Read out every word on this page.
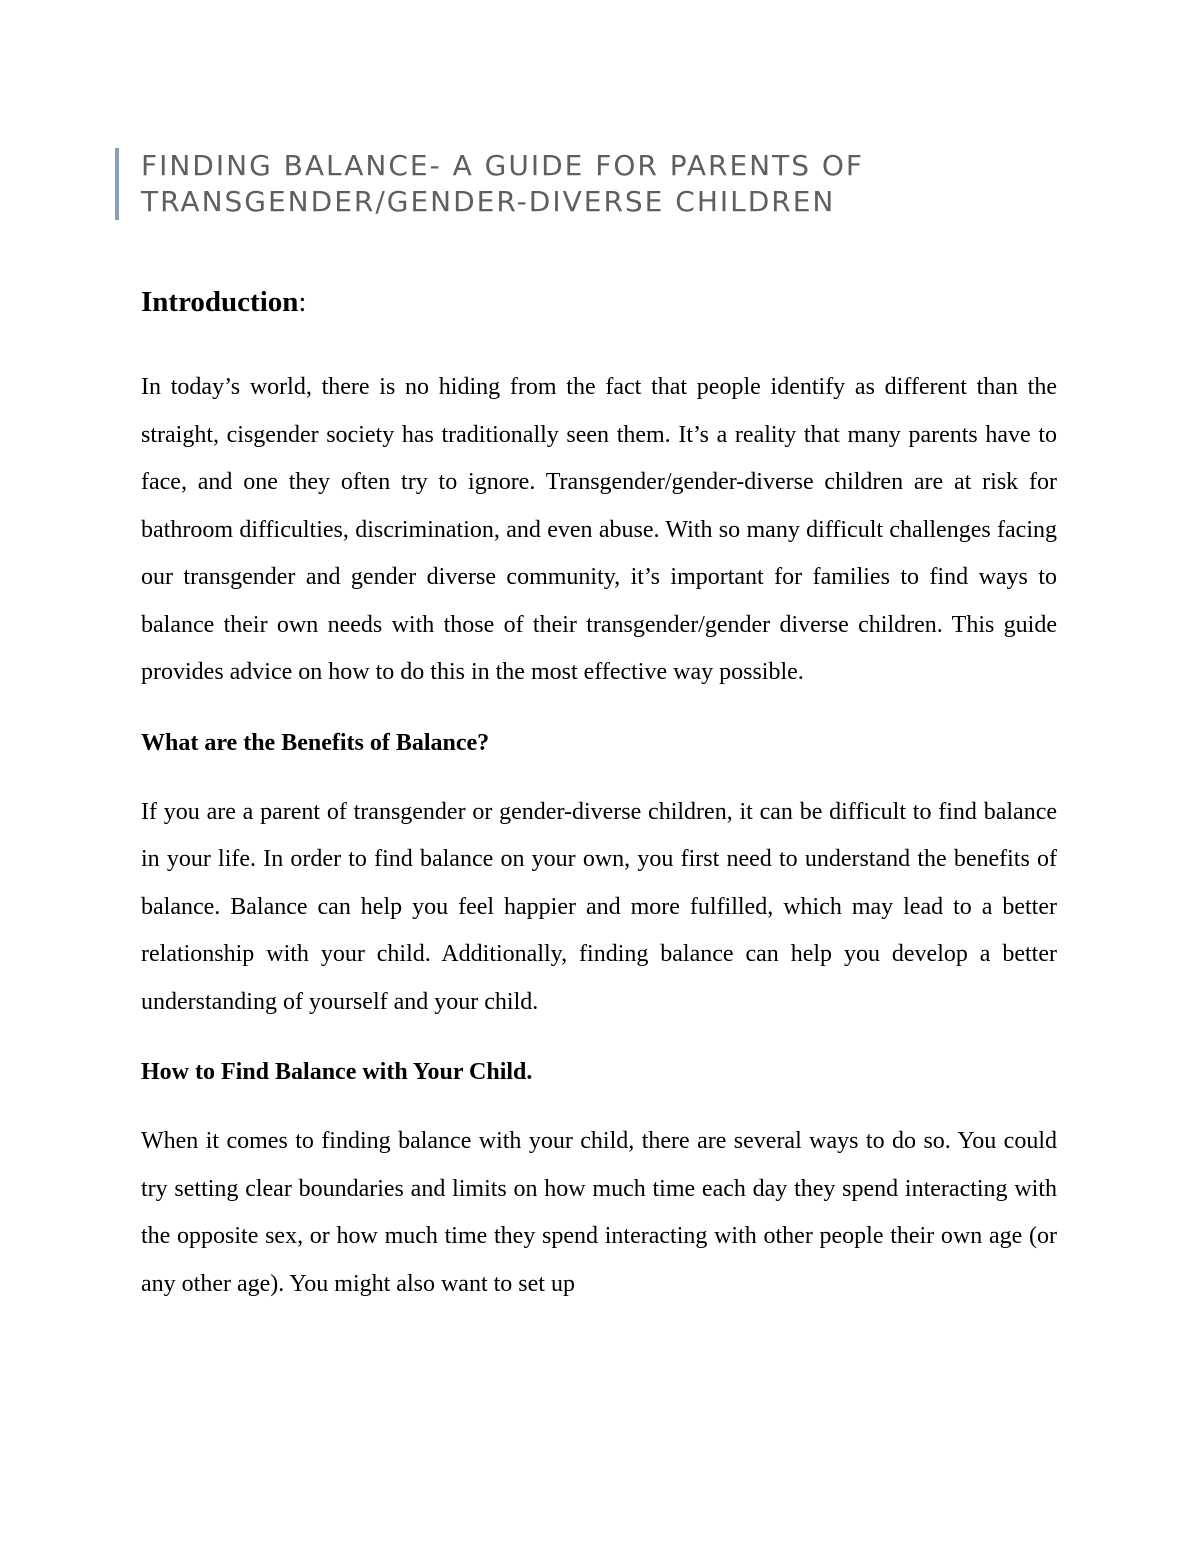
FINDING BALANCE- A GUIDE FOR PARENTS OF
TRANSGENDER/GENDER-DIVERSE CHILDREN
Introduction:

In today’s world, there is no hiding from the fact that people identify as different than the straight, cisgender society has traditionally seen them. It’s a reality that many parents have to face, and one they often try to ignore. Transgender/gender-diverse children are at risk for bathroom difficulties, discrimination, and even abuse. With so many difficult challenges facing our transgender and gender diverse community, it’s important for families to find ways to balance their own needs with those of their transgender/gender diverse children. This guide provides advice on how to do this in the most effective way possible.

What are the Benefits of Balance?

If you are a parent of transgender or gender-diverse children, it can be difficult to find balance in your life. In order to find balance on your own, you first need to understand the benefits of balance. Balance can help you feel happier and more fulfilled, which may lead to a better relationship with your child. Additionally, finding balance can help you develop a better understanding of yourself and your child.

How to Find Balance with Your Child.

When it comes to finding balance with your child, there are several ways to do so. You could try setting clear boundaries and limits on how much time each day they spend interacting with the opposite sex, or how much time they spend interacting with other people their own age (or any other age). You might also want to set up
